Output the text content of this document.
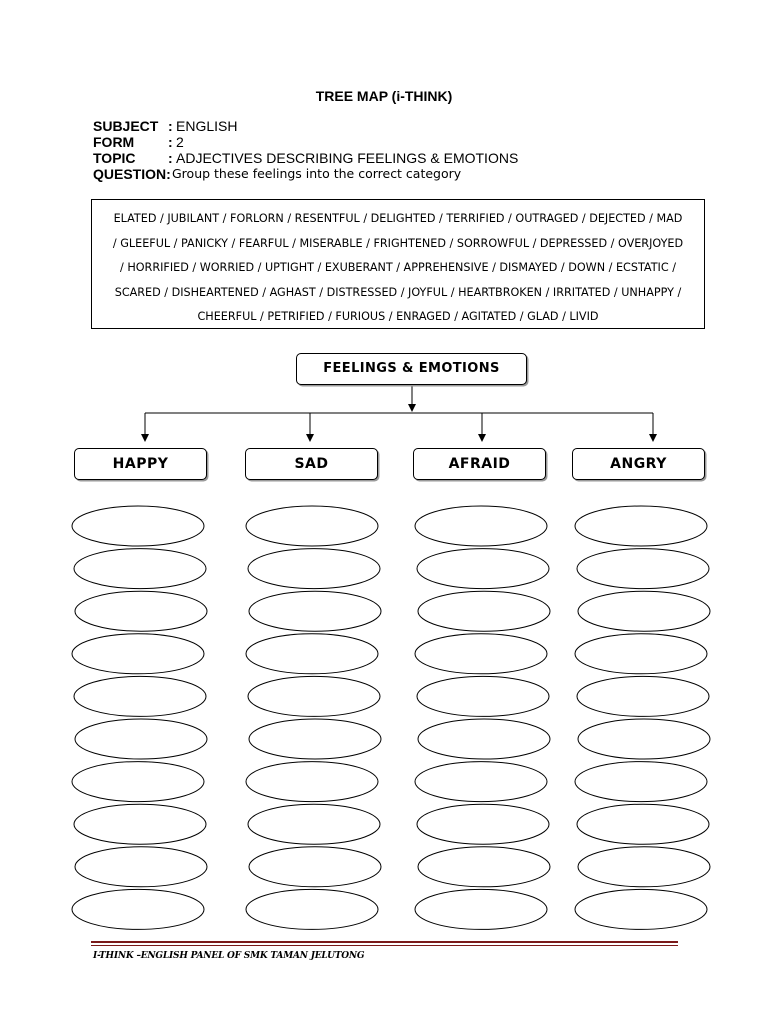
TREE MAP (i-THINK)
SUBJECT : ENGLISH
FORM : 2
TOPIC : ADJECTIVES DESCRIBING FEELINGS & EMOTIONS
QUESTION: Group these feelings into the correct category
ELATED / JUBILANT / FORLORN / RESENTFUL / DELIGHTED / TERRIFIED / OUTRAGED / DEJECTED / MAD
/ GLEEFUL / PANICKY / FEARFUL / MISERABLE / FRIGHTENED / SORROWFUL / DEPRESSED / OVERJOYED
/ HORRIFIED / WORRIED / UPTIGHT / EXUBERANT / APPREHENSIVE / DISMAYED / DOWN / ECSTATIC /
SCARED / DISHEARTENED / AGHAST / DISTRESSED / JOYFUL / HEARTBROKEN / IRRITATED / UNHAPPY /
CHEERFUL / PETRIFIED / FURIOUS / ENRAGED / AGITATED / GLAD / LIVID
FEELINGS & EMOTIONS
HAPPY	SAD	AFRAID	ANGRY
I-THINK –ENGLISH PANEL OF SMK TAMAN JELUTONG
